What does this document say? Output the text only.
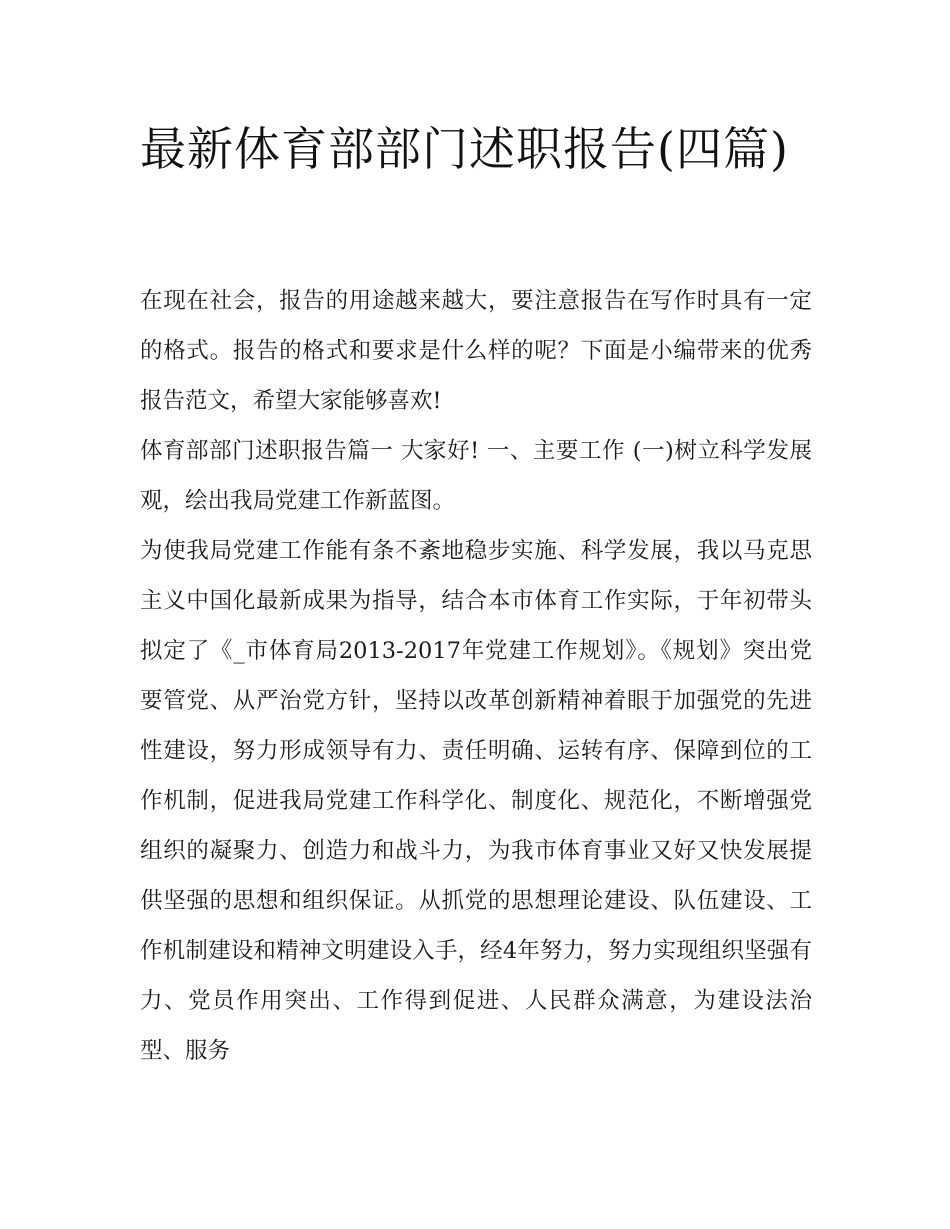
最新体育部部门述职报告(四篇)

在现在社会，报告的用途越来越大，要注意报告在写作时具有一定的格式。报告的格式和要求是什么样的呢？下面是小编带来的优秀报告范文，希望大家能够喜欢!

体育部部门述职报告篇一 大家好! 一、主要工作 (一)树立科学发展观，绘出我局党建工作新蓝图。

为使我局党建工作能有条不紊地稳步实施、科学发展，我以马克思主义中国化最新成果为指导，结合本市体育工作实际，于年初带头拟定了《_市体育局2013-2017年党建工作规划》。《规划》突出党要管党、从严治党方针，坚持以改革创新精神着眼于加强党的先进性建设，努力形成领导有力、责任明确、运转有序、保障到位的工作机制，促进我局党建工作科学化、制度化、规范化，不断增强党组织的凝聚力、创造力和战斗力，为我市体育事业又好又快发展提供坚强的思想和组织保证。从抓党的思想理论建设、队伍建设、工作机制建设和精神文明建设入手，经4年努力，努力实现组织坚强有力、党员作用突出、工作得到促进、人民群众满意，为建设法治型、服务
